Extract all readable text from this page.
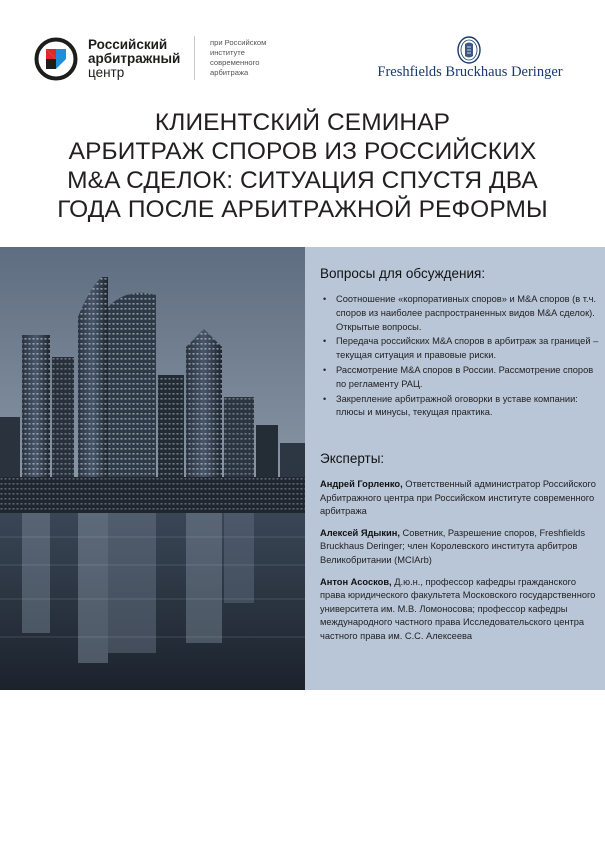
Российский
арбитражный
центр
при Российском
институте
современного
арбитража	Freshfields Bruckhaus Deringer
КЛИЕНТСКИЙ СЕМИНАР
АРБИТРАЖ СПОРОВ ИЗ РОССИЙСКИХ
M&A СДЕЛОК: СИТУАЦИЯ СПУСТЯ ДВА
ГОДА ПОСЛЕ АРБИТРАЖНОЙ РЕФОРМЫ
Вопросы для обсуждения:
• Соотношение «корпоративных споров» и M&A споров (в т.ч. споров из наиболее распространенных видов M&A сделок). Открытые вопросы.
• Передача российских M&A споров в арбитраж за границей – текущая ситуация и правовые риски.
• Рассмотрение M&A споров в России. Рассмотрение споров по регламенту РАЦ.
• Закрепление арбитражной оговорки в уставе компании: плюсы и минусы, текущая практика.
Эксперты:
Андрей Горленко, Ответственный администратор Российского Арбитражного центра при Российском институте современного арбитража
Алексей Ядыкин, Советник, Разрешение споров, Freshfields Bruckhaus Deringer; член Королевского института арбитров Великобритании (MCIArb)
Антон Асосков, Д.ю.н., профессор кафедры гражданского права юридического факультета Московского государственного университета им. М.В. Ломоносова; профессор кафедры международного частного права Исследовательского центра частного права им. С.С. Алексеева
